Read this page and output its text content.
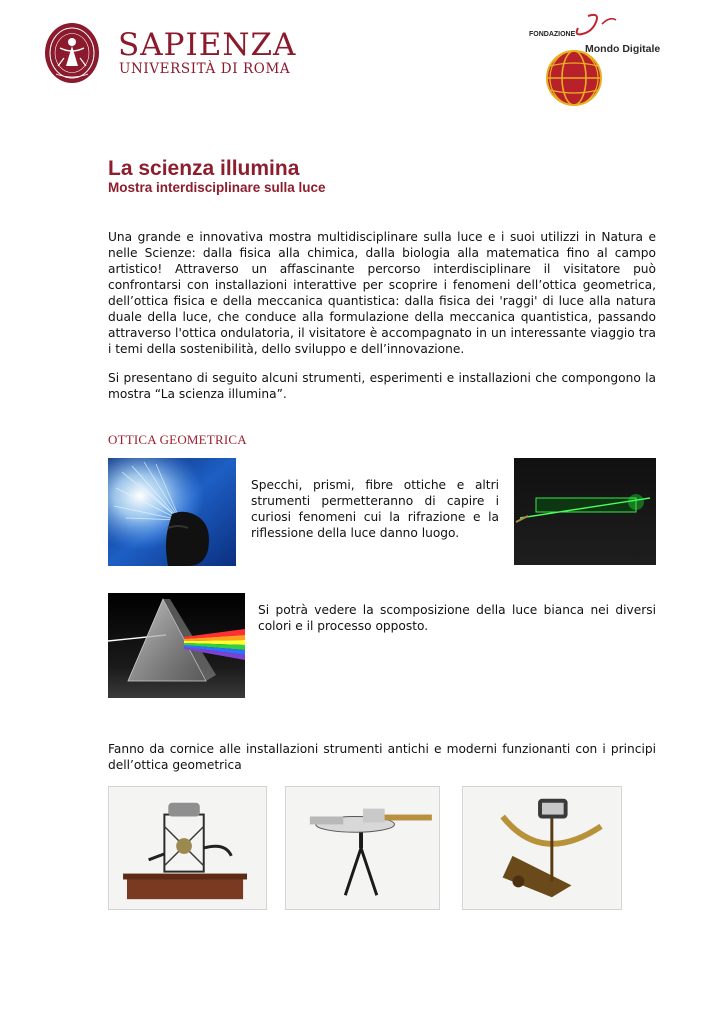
SAPIENZA
UNIVERSITÀ DI ROMA
FONDAZIONE
Mondo Digitale
La scienza illumina
Mostra interdisciplinare sulla luce
Una grande e innovativa mostra multidisciplinare sulla luce e i suoi utilizzi in Natura e nelle Scienze: dalla fisica alla chimica, dalla biologia alla matematica fino al campo artistico! Attraverso un affascinante percorso interdisciplinare il visitatore può confrontarsi con installazioni interattive per scoprire i fenomeni dell’ottica geometrica, dell’ottica fisica e della meccanica quantistica: dalla fisica dei 'raggi' di luce alla natura duale della luce, che conduce alla formulazione della meccanica quantistica, passando attraverso l'ottica ondulatoria, il visitatore è accompagnato in un interessante viaggio tra i temi della sostenibilità, dello sviluppo e dell’innovazione.
Si presentano di seguito alcuni strumenti, esperimenti e installazioni che compongono la mostra “La scienza illumina”.
OTTICA GEOMETRICA
Specchi, prismi, fibre ottiche e altri strumenti permetteranno di capire i curiosi fenomeni cui la rifrazione e la riflessione della luce danno luogo.
Si potrà vedere la scomposizione della luce bianca nei diversi colori e il processo opposto.
Fanno da cornice alle installazioni strumenti antichi e moderni funzionanti con i principi dell’ottica geometrica
